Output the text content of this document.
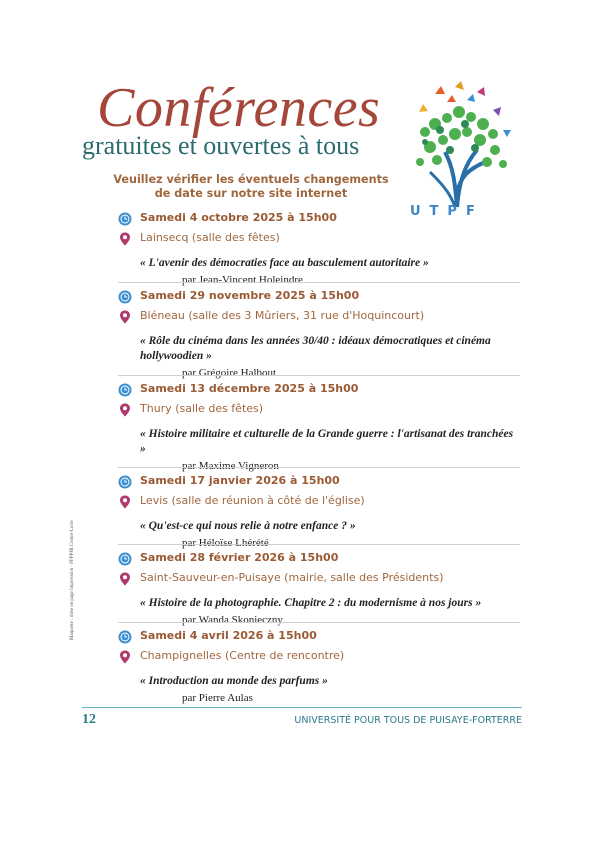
Conférences
gratuites et ouvertes à tous
Veuillez vérifier les éventuels changements
de date sur notre site internet
UTPF
Samedi 4 octobre 2025 à 15h00
Lainsecq (salle des fêtes)
« L'avenir des démocraties face au basculement autoritaire »
par Jean-Vincent Holeindre
Samedi 29 novembre 2025 à 15h00
Bléneau (salle des 3 Mûriers, 31 rue d'Hoquincourt)
« Rôle du cinéma dans les années 30/40 : idéaux démocratiques et cinéma hollywoodien »
par Grégoire Halbout
Samedi 13 décembre 2025 à 15h00
Thury (salle des fêtes)
« Histoire militaire et culturelle de la Grande guerre : l'artisanat des tranchées »
par Maxime Vigneron
Samedi 17 janvier 2026 à 15h00
Levis (salle de réunion à côté de l'église)
« Qu'est-ce qui nous relie à notre enfance ? »
par Héloïse Lhérété
Samedi 28 février 2026 à 15h00
Saint-Sauveur-en-Puisaye (mairie, salle des Présidents)
« Histoire de la photographie. Chapitre 2 : du modernisme à nos jours »
par Wanda Skonieczny
Samedi 4 avril 2026 à 15h00
Champignelles (Centre de rencontre)
« Introduction au monde des parfums »
par Pierre Aulas
Maquette : mise en page impression · FFPPJR Centre-Loire
12	UNIVERSITÉ POUR TOUS DE PUISAYE-FORTERRE
